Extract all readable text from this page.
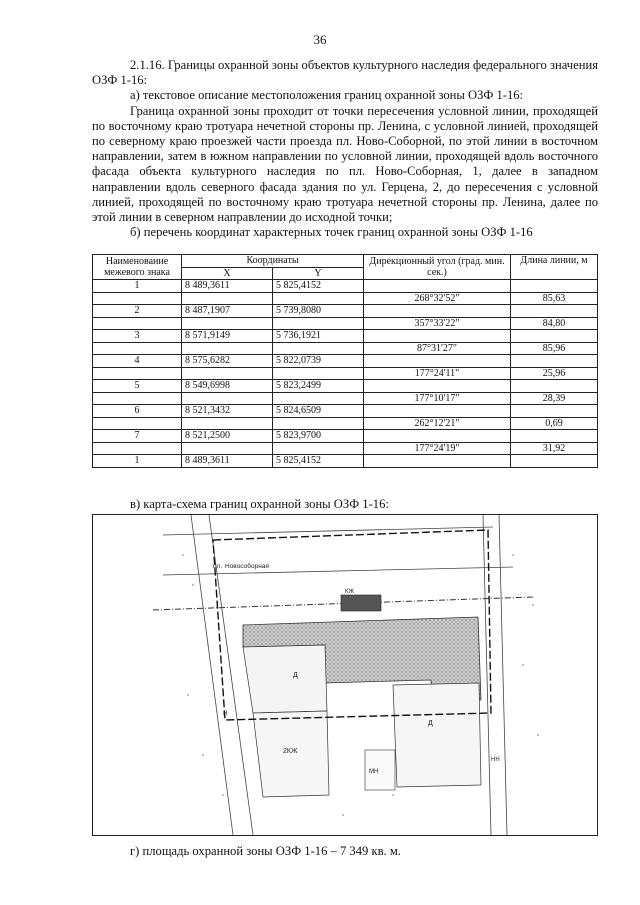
36

2.1.16. Границы охранной зоны объектов культурного наследия федерального значения ОЗФ 1-16:

а) текстовое описание местоположения границ охранной зоны ОЗФ 1-16:

Граница охранной зоны проходит от точки пересечения условной линии, проходящей по восточному краю тротуара нечетной стороны пр. Ленина, с условной линией, проходящей по северному краю проезжей части проезда пл. Ново-Соборной, по этой линии в восточном направлении, затем в южном направлении по условной линии, проходящей вдоль восточного фасада объекта культурного наследия по пл. Ново-Соборная, 1, далее в западном направлении вдоль северного фасада здания по ул. Герцена, 2, до пересечения с условной линией, проходящей по восточному краю тротуара нечетной стороны пр. Ленина, далее по этой линии в северном направлении до исходной точки;

б) перечень координат характерных точек границ охранной зоны ОЗФ 1-16

Наименование межевого знака	Координаты		Дирекционный угол (град. мин. сек.)	Длина линии, м
	X	Y		
1	8 489,3611	5 825,4152		
			268°32'52"	85,63
2	8 487,1907	5 739,8080		
			357°33'22"	84,80
3	8 571,9149	5 736,1921		
			87°31'27"	85,96
4	8 575,6282	5 822,0739		
			177°24'11"	25,96
5	8 549,6998	5 823,2499		
			177°10'17"	28,39
6	8 521,3432	5 824,6509		
			262°12'21"	0,69
7	8 521,2500	5 823,9700		
			177°24'19"	31,92
1	8 489,3611	5 825,4152		
в) карта-схема границ охранной зоны ОЗФ 1-16:
пл. Новособорная
Д
Д
КЖ
2КЖ
МН
НН
Н
г) площадь охранной зоны ОЗФ 1-16 – 7 349 кв. м.
